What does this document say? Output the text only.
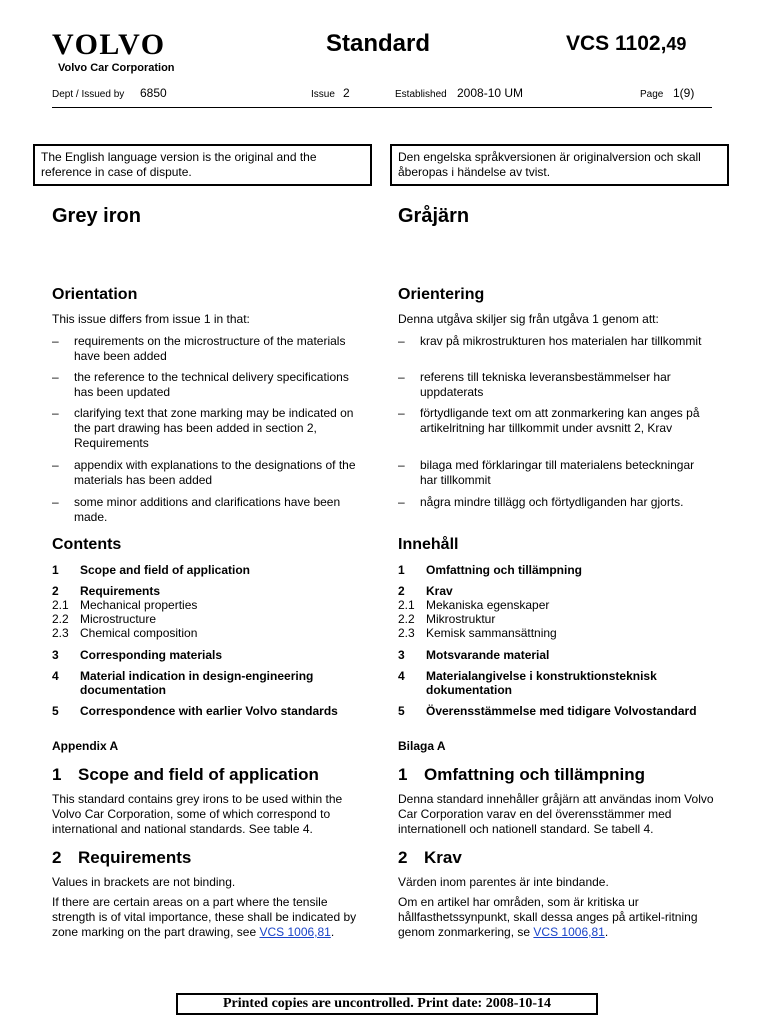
VOLVO
Volvo Car Corporation
Standard	VCS 1102,49
Dept / Issued by 6850	Issue 2	Established 2008-10 UM	Page 1(9)
The English language version is the original and the reference in case of dispute.
Den engelska språkversionen är originalversion och skall åberopas i händelse av tvist.
Grey iron	Gråjärn
Orientation
This issue differs from issue 1 in that:
– requirements on the microstructure of the materials have been added
– the reference to the technical delivery specifications has been updated
– clarifying text that zone marking may be indicated on the part drawing has been added in section 2, Requirements
– appendix with explanations to the designations of the materials has been added
– some minor additions and clarifications have been made.
Orientering
Denna utgåva skiljer sig från utgåva 1 genom att:
– krav på mikrostrukturen hos materialen har tillkommit
– referens till tekniska leveransbestämmelser har uppdaterats
– förtydligande text om att zonmarkering kan anges på artikelritning har tillkommit under avsnitt 2, Krav
– bilaga med förklaringar till materialens beteckningar har tillkommit
– några mindre tillägg och förtydliganden har gjorts.
Contents
1 Scope and field of application
2 Requirements
2.1 Mechanical properties
2.2 Microstructure
2.3 Chemical composition
3 Corresponding materials
4 Material indication in design-engineering documentation
5 Correspondence with earlier Volvo standards
Appendix A
Innehåll
1 Omfattning och tillämpning
2 Krav
2.1 Mekaniska egenskaper
2.2 Mikrostruktur
2.3 Kemisk sammansättning
3 Motsvarande material
4 Materialangivelse i konstruktionsteknisk dokumentation
5 Överensstämmelse med tidigare Volvostandard
Bilaga A
1 Scope and field of application
This standard contains grey irons to be used within the Volvo Car Corporation, some of which correspond to international and national standards. See table 4.
1 Omfattning och tillämpning
Denna standard innehåller gråjärn att användas inom Volvo Car Corporation varav en del överensstämmer med internationell och nationell standard. Se tabell 4.
2 Requirements
Values in brackets are not binding.
If there are certain areas on a part where the tensile strength is of vital importance, these shall be indicated by zone marking on the part drawing, see VCS 1006,81.
2 Krav
Värden inom parentes är inte bindande.
Om en artikel har områden, som är kritiska ur hållfasthetssynpunkt, skall dessa anges på artikel-ritning genom zonmarkering, se VCS 1006,81.
Printed copies are uncontrolled. Print date: 2008-10-14
